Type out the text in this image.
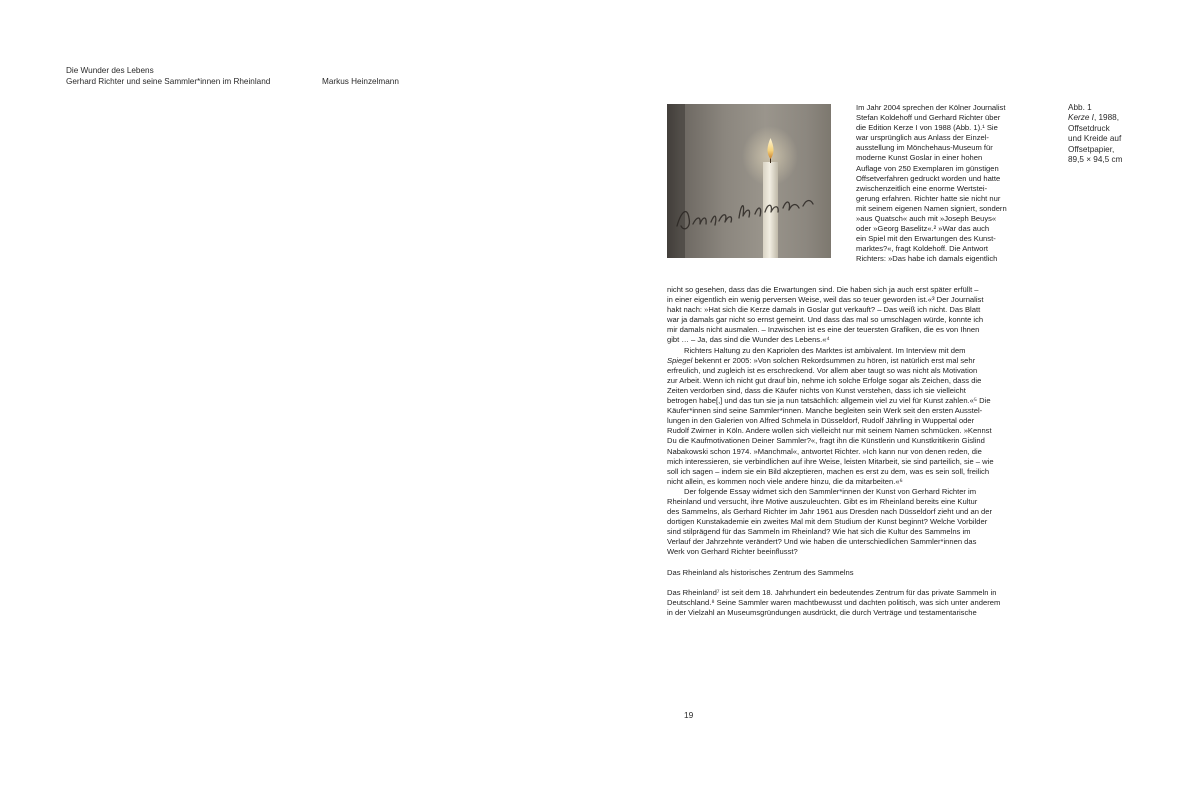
Die Wunder des Lebens
Gerhard Richter und seine Sammler*innen im Rheinland	Markus Heinzelmann
Abb. 1
Kerze I, 1988,
Offsetdruck
und Kreide auf
Offsetpapier,
89,5 × 94,5 cm
Im Jahr 2004 sprechen der Kölner Journalist
Stefan Koldehoff und Gerhard Richter über
die Edition Kerze I von 1988 (Abb. 1).¹ Sie
war ursprünglich aus Anlass der Einzel-
ausstellung im Mönchehaus-Museum für
moderne Kunst Goslar in einer hohen
Auflage von 250 Exemplaren im günstigen
Offsetverfahren gedruckt worden und hatte
zwischenzeitlich eine enorme Wertstei-
gerung erfahren. Richter hatte sie nicht nur
mit seinem eigenen Namen signiert, sondern
»aus Quatsch« auch mit »Joseph Beuys«
oder »Georg Baselitz«.² »War das auch
ein Spiel mit den Erwartungen des Kunst-
marktes?«, fragt Koldehoff. Die Antwort
Richters: »Das habe ich damals eigentlich
nicht so gesehen, dass das die Erwartungen sind. Die haben sich ja auch erst später erfüllt –
in einer eigentlich ein wenig perversen Weise, weil das so teuer geworden ist.«³ Der Journalist
hakt nach: »Hat sich die Kerze damals in Goslar gut verkauft? – Das weiß ich nicht. Das Blatt
war ja damals gar nicht so ernst gemeint. Und dass das mal so umschlagen würde, konnte ich
mir damals nicht ausmalen. – Inzwischen ist es eine der teuersten Grafiken, die es von Ihnen
gibt … – Ja, das sind die Wunder des Lebens.«⁴
Richters Haltung zu den Kapriolen des Marktes ist ambivalent. Im Interview mit dem
Spiegel bekennt er 2005: »Von solchen Rekordsummen zu hören, ist natürlich erst mal sehr
erfreulich, und zugleich ist es erschreckend. Vor allem aber taugt so was nicht als Motivation
zur Arbeit. Wenn ich nicht gut drauf bin, nehme ich solche Erfolge sogar als Zeichen, dass die
Zeiten verdorben sind, dass die Käufer nichts von Kunst verstehen, dass ich sie vielleicht
betrogen habe[,] und das tun sie ja nun tatsächlich: allgemein viel zu viel für Kunst zahlen.«⁵ Die
Käufer*innen sind seine Sammler*innen. Manche begleiten sein Werk seit den ersten Ausstel-
lungen in den Galerien von Alfred Schmela in Düsseldorf, Rudolf Jährling in Wuppertal oder
Rudolf Zwirner in Köln. Andere wollen sich vielleicht nur mit seinem Namen schmücken. »Kennst
Du die Kaufmotivationen Deiner Sammler?«, fragt ihn die Künstlerin und Kunstkritikerin Gislind
Nabakowski schon 1974. »Manchmal«, antwortet Richter. »Ich kann nur von denen reden, die
mich interessieren, sie verbindlichen auf ihre Weise, leisten Mitarbeit, sie sind parteilich, sie – wie
soll ich sagen – indem sie ein Bild akzeptieren, machen es erst zu dem, was es sein soll, freilich
nicht allein, es kommen noch viele andere hinzu, die da mitarbeiten.«⁶
Der folgende Essay widmet sich den Sammler*innen der Kunst von Gerhard Richter im
Rheinland und versucht, ihre Motive auszuleuchten. Gibt es im Rheinland bereits eine Kultur
des Sammelns, als Gerhard Richter im Jahr 1961 aus Dresden nach Düsseldorf zieht und an der
dortigen Kunstakademie ein zweites Mal mit dem Studium der Kunst beginnt? Welche Vorbilder
sind stilprägend für das Sammeln im Rheinland? Wie hat sich die Kultur des Sammelns im
Verlauf der Jahrzehnte verändert? Und wie haben die unterschiedlichen Sammler*innen das
Werk von Gerhard Richter beeinflusst?
Das Rheinland als historisches Zentrum des Sammelns
Das Rheinland⁷ ist seit dem 18. Jahrhundert ein bedeutendes Zentrum für das private Sammeln in
Deutschland.⁸ Seine Sammler waren machtbewusst und dachten politisch, was sich unter anderem
in der Vielzahl an Museumsgründungen ausdrückt, die durch Verträge und testamentarische
19
